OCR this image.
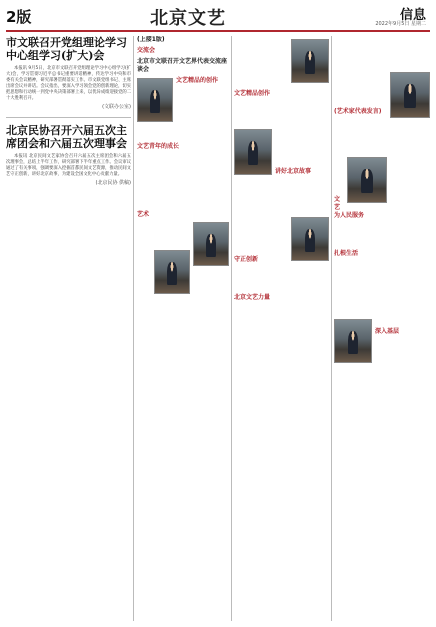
2版	北京文艺	信息
2022年9月5日 星期二
市文联召开党组理论学习中心组学习(扩大)会

本报讯 9月5日，北京市文联召开党组理论学习中心组学习(扩大)会，学习贯彻习近平总书记重要讲话精神，传达学习中央和市委有关会议精神，研究部署贯彻落实工作。市文联党组书记、主席出席会议并讲话。会议指出，要深入学习领会党的创新理论，切实把思想和行动统一到党中央决策部署上来，以优异成绩迎接党的二十大胜利召开。

(文联办公室)

北京民协召开六届五次主席团会和六届五次理事会

本报讯 北京民间文艺家协会召开六届五次主席团会和六届五次理事会，总结上半年工作，研究部署下半年重点工作。会议审议通过了有关事项，强调要深入挖掘首都民间文艺资源，推动民间文艺守正创新，讲好北京故事，为建设全国文化中心贡献力量。

(北京民协 供稿)

(上接1版)
交流会
北京市文联召开文艺界代表交流座谈会
文艺精品的创作
文艺青年的成长
艺术
文艺精品创作
讲好北京故事
守正创新
北京文艺力量
(艺术家代表发言)
文艺为人民服务
扎根生活
深入基层
